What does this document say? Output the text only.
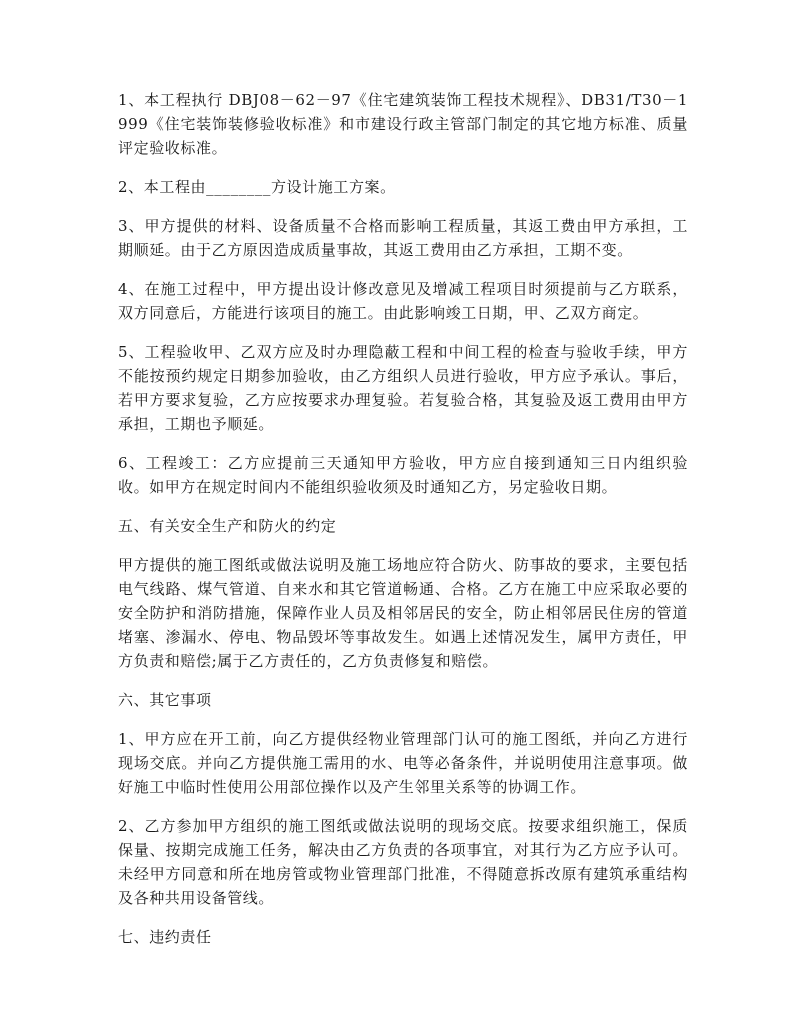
1、本工程执行 DBJ08－62－97《住宅建筑装饰工程技术规程》、DB31/T30－1999《住宅装饰装修验收标准》和市建设行政主管部门制定的其它地方标准、质量评定验收标准。

2、本工程由________方设计施工方案。

3、甲方提供的材料、设备质量不合格而影响工程质量，其返工费由甲方承担，工期顺延。由于乙方原因造成质量事故，其返工费用由乙方承担，工期不变。

4、在施工过程中，甲方提出设计修改意见及增减工程项目时须提前与乙方联系，双方同意后，方能进行该项目的施工。由此影响竣工日期，甲、乙双方商定。

5、工程验收甲、乙双方应及时办理隐蔽工程和中间工程的检查与验收手续，甲方不能按预约规定日期参加验收，由乙方组织人员进行验收，甲方应予承认。事后，若甲方要求复验，乙方应按要求办理复验。若复验合格，其复验及返工费用由甲方承担，工期也予顺延。

6、工程竣工：乙方应提前三天通知甲方验收，甲方应自接到通知三日内组织验收。如甲方在规定时间内不能组织验收须及时通知乙方，另定验收日期。

五、有关安全生产和防火的约定

甲方提供的施工图纸或做法说明及施工场地应符合防火、防事故的要求，主要包括电气线路、煤气管道、自来水和其它管道畅通、合格。乙方在施工中应采取必要的安全防护和消防措施，保障作业人员及相邻居民的安全，防止相邻居民住房的管道堵塞、渗漏水、停电、物品毁坏等事故发生。如遇上述情况发生，属甲方责任，甲方负责和赔偿;属于乙方责任的，乙方负责修复和赔偿。

六、其它事项

1、甲方应在开工前，向乙方提供经物业管理部门认可的施工图纸，并向乙方进行现场交底。并向乙方提供施工需用的水、电等必备条件，并说明使用注意事项。做好施工中临时性使用公用部位操作以及产生邻里关系等的协调工作。

2、乙方参加甲方组织的施工图纸或做法说明的现场交底。按要求组织施工，保质保量、按期完成施工任务，解决由乙方负责的各项事宜，对其行为乙方应予认可。未经甲方同意和所在地房管或物业管理部门批准，不得随意拆改原有建筑承重结构及各种共用设备管线。

七、违约责任
